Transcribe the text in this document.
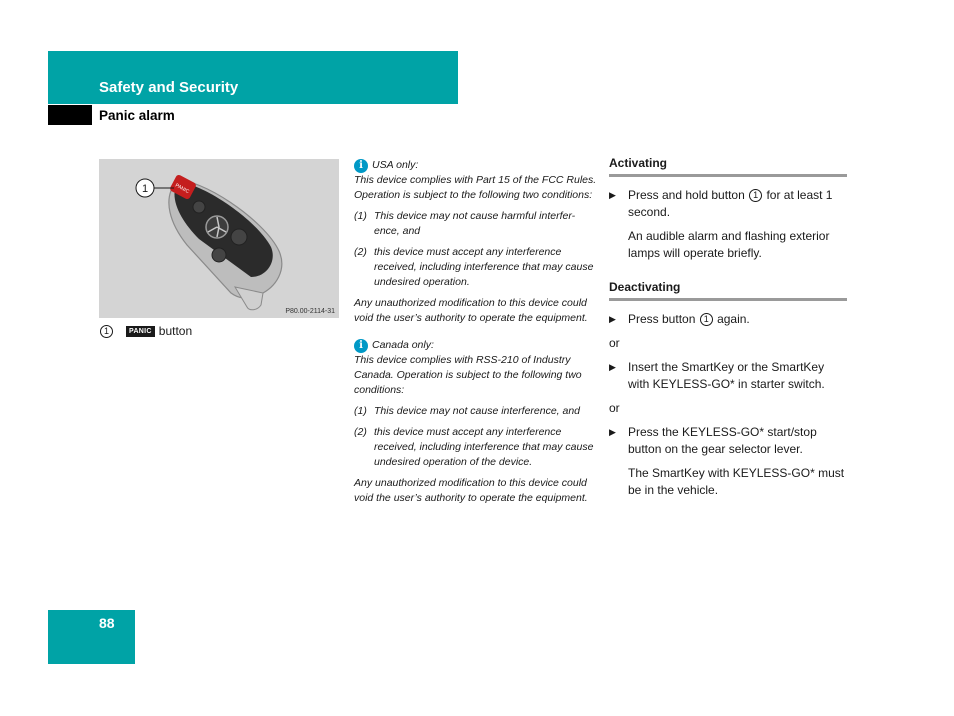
Safety and Security
Panic alarm
PANIC
1
P80.00-2114-31
1	PANIC button
i USA only:

This device complies with Part 15 of the FCC Rules. Operation is subject to the following two conditions:

(1) This device may not cause harmful interfer-ence, and
(2) this device must accept any interference received, including interference that may cause undesired operation.

Any unauthorized modification to this device could void the user’s authority to operate the equipment.

i Canada only:

This device complies with RSS-210 of Industry Canada. Operation is subject to the following two conditions:

(1) This device may not cause interference, and
(2) this device must accept any interference received, including interference that may cause undesired operation of the device.

Any unauthorized modification to this device could void the user’s authority to operate the equipment.

Activating
▶	Press and hold button 1 for at least 1 second.
An audible alarm and flashing exterior lamps will operate briefly.
Deactivating
▶	Press button 1 again.
or
▶	Insert the SmartKey or the SmartKey with KEYLESS-GO* in starter switch.
or
▶	Press the KEYLESS-GO* start/stop button on the gear selector lever.
The SmartKey with KEYLESS-GO* must be in the vehicle.
88
